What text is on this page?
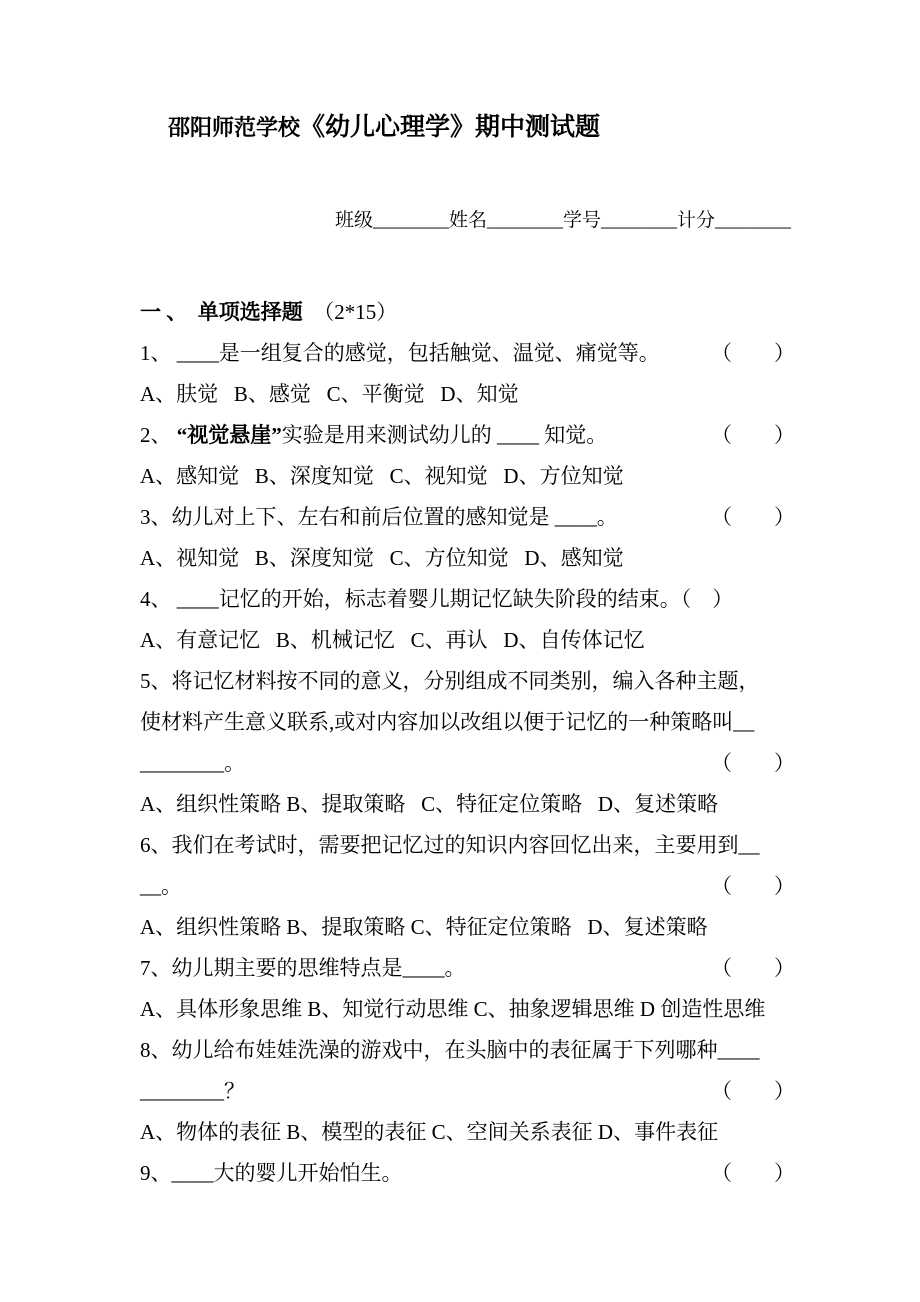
邵阳师范学校《幼儿心理学》期中测试题
班级________姓名________学号________计分________
一 、  单项选择题  （2*15）
1、 ____是一组复合的感觉，包括触觉、温觉、痛觉等。 （　　）
A、肤觉   B、感觉   C、平衡觉   D、知觉
2、 “视觉悬崖”实验是用来测试幼儿的 ____ 知觉。	（　　）
A、感知觉   B、深度知觉   C、视知觉   D、方位知觉
3、幼儿对上下、左右和前后位置的感知觉是 ____。	（　　）
A、视知觉   B、深度知觉   C、方位知觉   D、感知觉
4、 ____记忆的开始，标志着婴儿期记忆缺失阶段的结束。（　）
A、有意记忆   B、机械记忆   C、再认   D、自传体记忆
5、将记忆材料按不同的意义，分别组成不同类别，编入各种主题，
使材料产生意义联系,或对内容加以改组以便于记忆的一种策略叫__
________。	（　　）
A、组织性策略 B、提取策略   C、特征定位策略   D、复述策略
6、我们在考试时，需要把记忆过的知识内容回忆出来，主要用到__
__。	（　　）
A、组织性策略 B、提取策略 C、特征定位策略   D、复述策略
7、幼儿期主要的思维特点是____。	（　　）
A、具体形象思维 B、知觉行动思维 C、抽象逻辑思维 D 创造性思维
8、幼儿给布娃娃洗澡的游戏中，在头脑中的表征属于下列哪种____
________？	（　　）
A、物体的表征 B、模型的表征 C、空间关系表征 D、事件表征
9、____大的婴儿开始怕生。	（　　）
